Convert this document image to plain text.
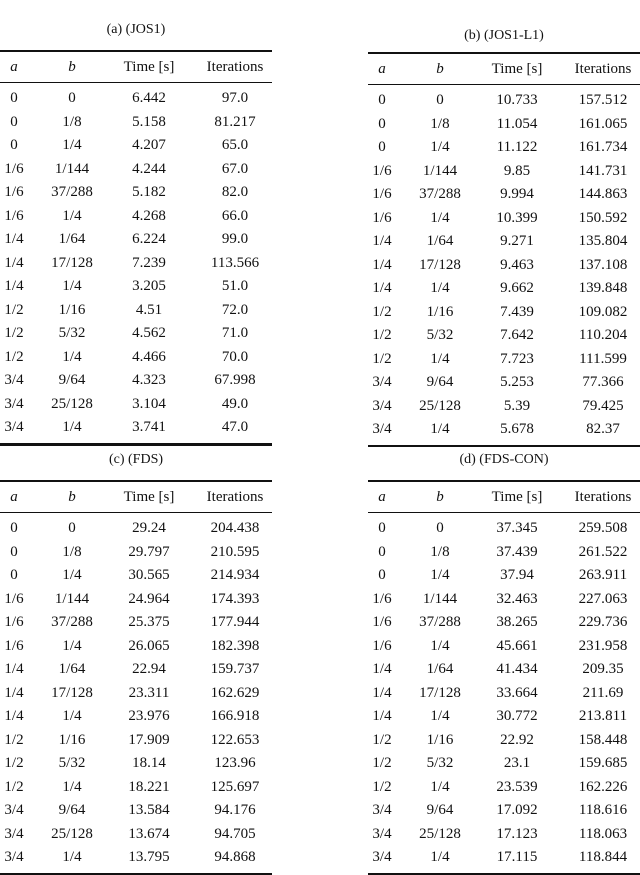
(a) (JOS1)
a	b	Time [s] Iterations
0	0	6.442	97.0
0	1/8	5.158	81.217
0	1/4	4.207	65.0
1/6 1/144	4.244	67.0
1/6 37/288	5.182	82.0
1/6	1/4	4.268	66.0
1/4 1/64	6.224	99.0
1/4 17/128	7.239	113.566
1/4	1/4	3.205	51.0
1/2 1/16	4.51	72.0
1/2 5/32	4.562	71.0
1/2	1/4	4.466	70.0
3/4 9/64	4.323	67.998
3/4 25/128	3.104	49.0
3/4	1/4	3.741	47.0
(b) (JOS1-L1)
a	b	Time [s] Iterations
0	0	10.733	157.512
0	1/8	11.054	161.065
0	1/4	11.122	161.734
1/6 1/144	9.85	141.731
1/6 37/288	9.994	144.863
1/6	1/4	10.399	150.592
1/4 1/64	9.271	135.804
1/4 17/128	9.463	137.108
1/4	1/4	9.662	139.848
1/2 1/16	7.439	109.082
1/2 5/32	7.642	110.204
1/2	1/4	7.723	111.599
3/4 9/64	5.253	77.366
3/4 25/128	5.39	79.425
3/4	1/4	5.678	82.37
(c) (FDS)
a	b	Time [s] Iterations
0	0	29.24	204.438
0	1/8	29.797	210.595
0	1/4	30.565	214.934
1/6 1/144	24.964	174.393
1/6 37/288 25.375	177.944
1/6	1/4	26.065	182.398
1/4 1/64	22.94	159.737
1/4 17/128 23.311	162.629
1/4	1/4	23.976	166.918
1/2 1/16	17.909	122.653
1/2 5/32	18.14	123.96
1/2	1/4	18.221	125.697
3/4 9/64	13.584	94.176
3/4 25/128 13.674	94.705
3/4	1/4	13.795	94.868
(d) (FDS-CON)
a	b	Time [s] Iterations
0	0	37.345	259.508
0	1/8	37.439	261.522
0	1/4	37.94	263.911
1/6 1/144	32.463	227.063
1/6 37/288 38.265	229.736
1/6	1/4	45.661	231.958
1/4 1/64	41.434	209.35
1/4 17/128 33.664	211.69
1/4	1/4	30.772	213.811
1/2 1/16	22.92	158.448
1/2 5/32	23.1	159.685
1/2	1/4	23.539	162.226
3/4 9/64	17.092	118.616
3/4 25/128 17.123	118.063
3/4	1/4	17.115	118.844
